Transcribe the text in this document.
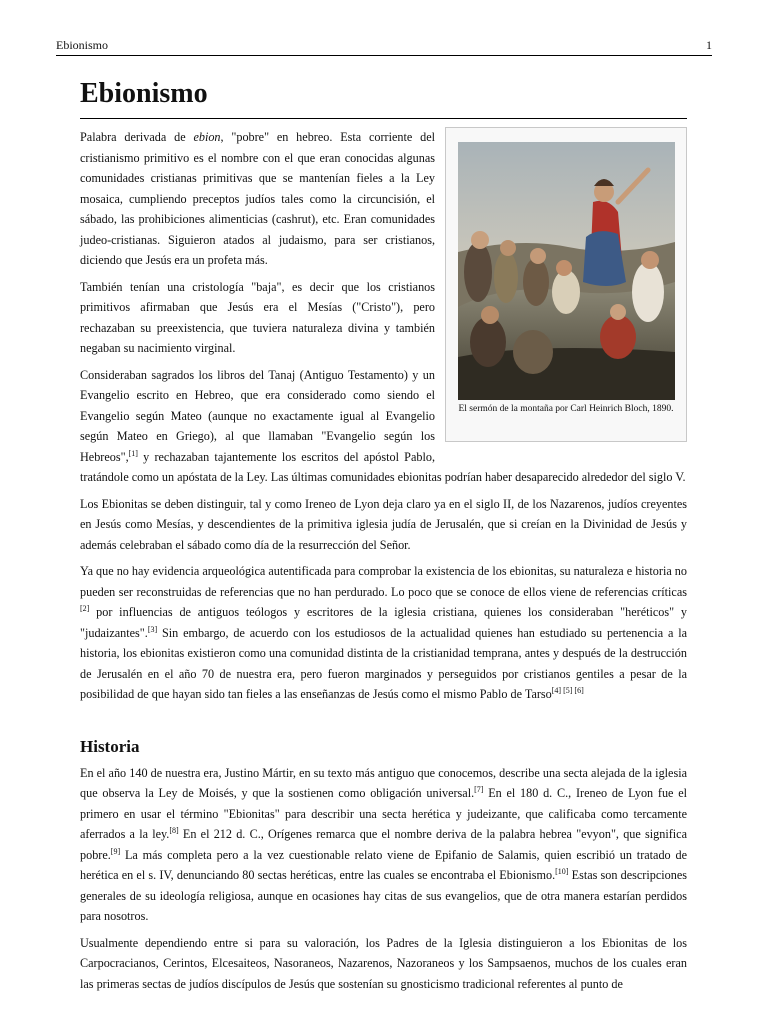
Ebionismo	1
Ebionismo
El sermón de la montaña por Carl Heinrich Bloch, 1890.

Palabra derivada de ebion, "pobre" en hebreo. Esta corriente del cristianismo primitivo es el nombre con el que eran conocidas algunas comunidades cristianas primitivas que se mantenían fieles a la Ley mosaica, cumpliendo preceptos judíos tales como la circuncisión, el sábado, las prohibiciones alimenticias (cashrut), etc. Eran comunidades judeo-cristianas. Siguieron atados al judaismo, para ser cristianos, diciendo que Jesús era un profeta más.

También tenían una cristología "baja", es decir que los cristianos primitivos afirmaban que Jesús era el Mesías ("Cristo"), pero rechazaban su preexistencia, que tuviera naturaleza divina y también negaban su nacimiento virginal.

Consideraban sagrados los libros del Tanaj (Antiguo Testamento) y un Evangelio escrito en Hebreo, que era considerado como siendo el Evangelio según Mateo (aunque no exactamente igual al Evangelio según Mateo en Griego), al que llamaban "Evangelio según los Hebreos",[1] y rechazaban tajantemente los escritos del apóstol Pablo, tratándole como un apóstata de la Ley. Las últimas comunidades ebionitas podrían haber desaparecido alrededor del siglo V.

Los Ebionitas se deben distinguir, tal y como Ireneo de Lyon deja claro ya en el siglo II, de los Nazarenos, judíos creyentes en Jesús como Mesías, y descendientes de la primitiva iglesia judía de Jerusalén, que si creían en la Divinidad de Jesús y además celebraban el sábado como día de la resurrección del Señor.

Ya que no hay evidencia arqueológica autentificada para comprobar la existencia de los ebionitas, su naturaleza e historia no pueden ser reconstruidas de referencias que no han perdurado. Lo poco que se conoce de ellos viene de referencias críticas [2] por influencias de antiguos teólogos y escritores de la iglesia cristiana, quienes los consideraban "heréticos" y "judaizantes".[3] Sin embargo, de acuerdo con los estudiosos de la actualidad quienes han estudiado su pertenencia a la historia, los ebionitas existieron como una comunidad distinta de la cristianidad temprana, antes y después de la destrucción de Jerusalén en el año 70 de nuestra era, pero fueron marginados y perseguidos por cristianos gentiles a pesar de la posibilidad de que hayan sido tan fieles a las enseñanzas de Jesús como el mismo Pablo de Tarso[4] [5] [6]

Historia

En el año 140 de nuestra era, Justino Mártir, en su texto más antiguo que conocemos, describe una secta alejada de la iglesia que observa la Ley de Moisés, y que la sostienen como obligación universal.[7] En el 180 d. C., Ireneo de Lyon fue el primero en usar el término "Ebionitas" para describir una secta herética y judeizante, que calificaba como tercamente aferrados a la ley.[8] En el 212 d. C., Orígenes remarca que el nombre deriva de la palabra hebrea "evyon", que significa pobre.[9] La más completa pero a la vez cuestionable relato viene de Epifanio de Salamis, quien escribió un tratado de herética en el s. IV, denunciando 80 sectas heréticas, entre las cuales se encontraba el Ebionismo.[10] Estas son descripciones generales de su ideología religiosa, aunque en ocasiones hay citas de sus evangelios, que de otra manera estarían perdidos para nosotros.

Usualmente dependiendo entre si para su valoración, los Padres de la Iglesia distinguieron a los Ebionitas de los Carpocracianos, Cerintos, Elcesaiteos, Nasoraneos, Nazarenos, Nazoraneos y los Sampsaenos, muchos de los cuales eran las primeras sectas de judíos discípulos de Jesús que sostenían su gnosticismo tradicional referentes al punto de
